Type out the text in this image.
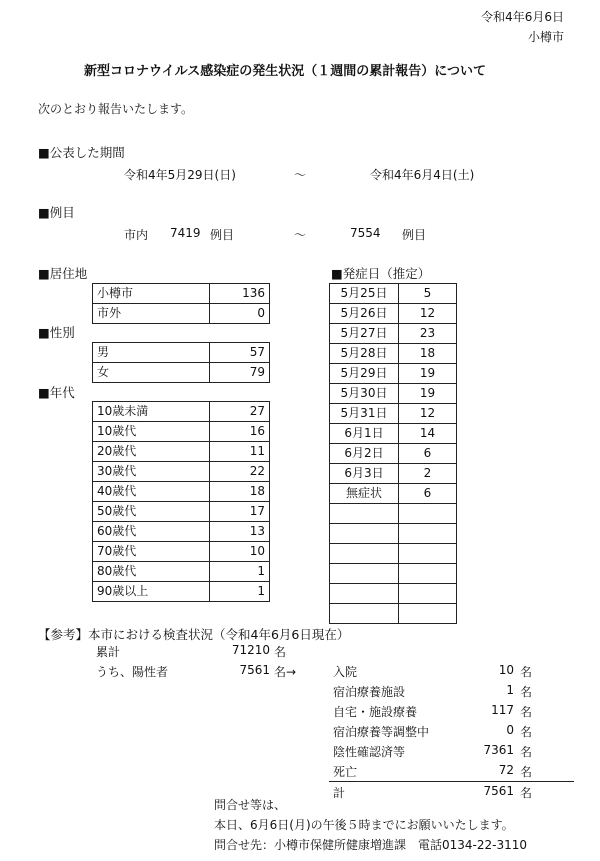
令和4年6月6日
小樽市
新型コロナウイルス感染症の発生状況（１週間の累計報告）について
次のとおり報告いたします。
■公表した期間
令和4年5月29日(日)	〜	令和4年6月4日(土)
■例目
市内 7419 例目	〜	7554 例目
■居住地
小樽市	136
市外	0
■性別
男	57
女	79
■年代
10歳未満	27
10歳代	16
20歳代	11
30歳代	22
40歳代	18
50歳代	17
60歳代	13
70歳代	10
80歳代	1
90歳以上	1
■発症日（推定）
5月25日	5
5月26日	12
5月27日	23
5月28日	18
5月29日	19
5月30日	19
5月31日	12
6月1日	14
6月2日	6
6月3日	2
無症状	6

【参考】本市における検査状況（令和4年6月6日現在）
累計	71210 名
うち、陽性者	7561 名→	入院	10 名
宿泊療養施設	1 名
自宅・施設療養	117 名
宿泊療養等調整中	0 名
陰性確認済等	7361 名
死亡	72 名
計	7561 名
問合せ等は、
本日、6月6日(月)の午後５時までにお願いいたします。
問合せ先：小樽市保健所健康増進課　電話0134-22-3110
